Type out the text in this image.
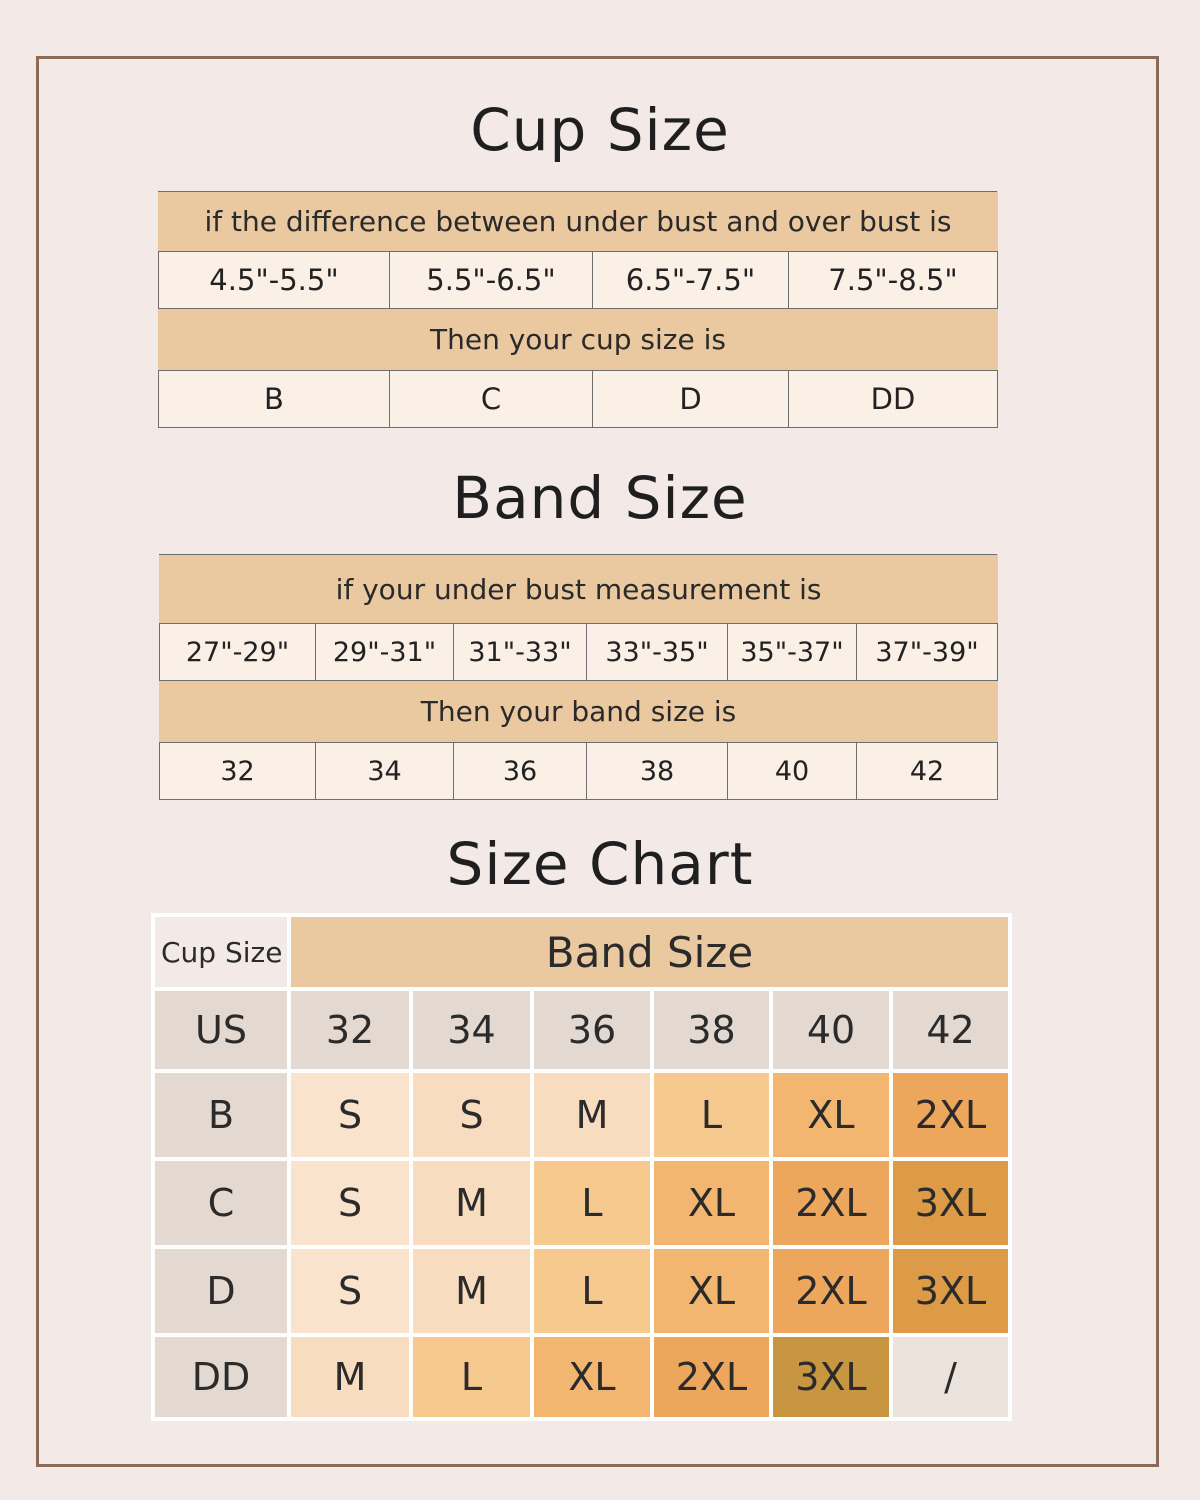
Cup Size
if the difference between under bust and over bust is			
4.5"-5.5"	5.5"-6.5"	6.5"-7.5"	7.5"-8.5"
Then your cup size is			
B	C	D	DD
Band Size
if your under bust measurement is					
27"-29"	29"-31"	31"-33"	33"-35"	35"-37"	37"-39"
Then your band size is					
32	34	36	38	40	42
Size Chart
Cup Size	Band Size					
US	32	34	36	38	40	42
B	S	S	M	L	XL	2XL
C	S	M	L	XL	2XL	3XL
D	S	M	L	XL	2XL	3XL
DD	M	L	XL	2XL	3XL	/
